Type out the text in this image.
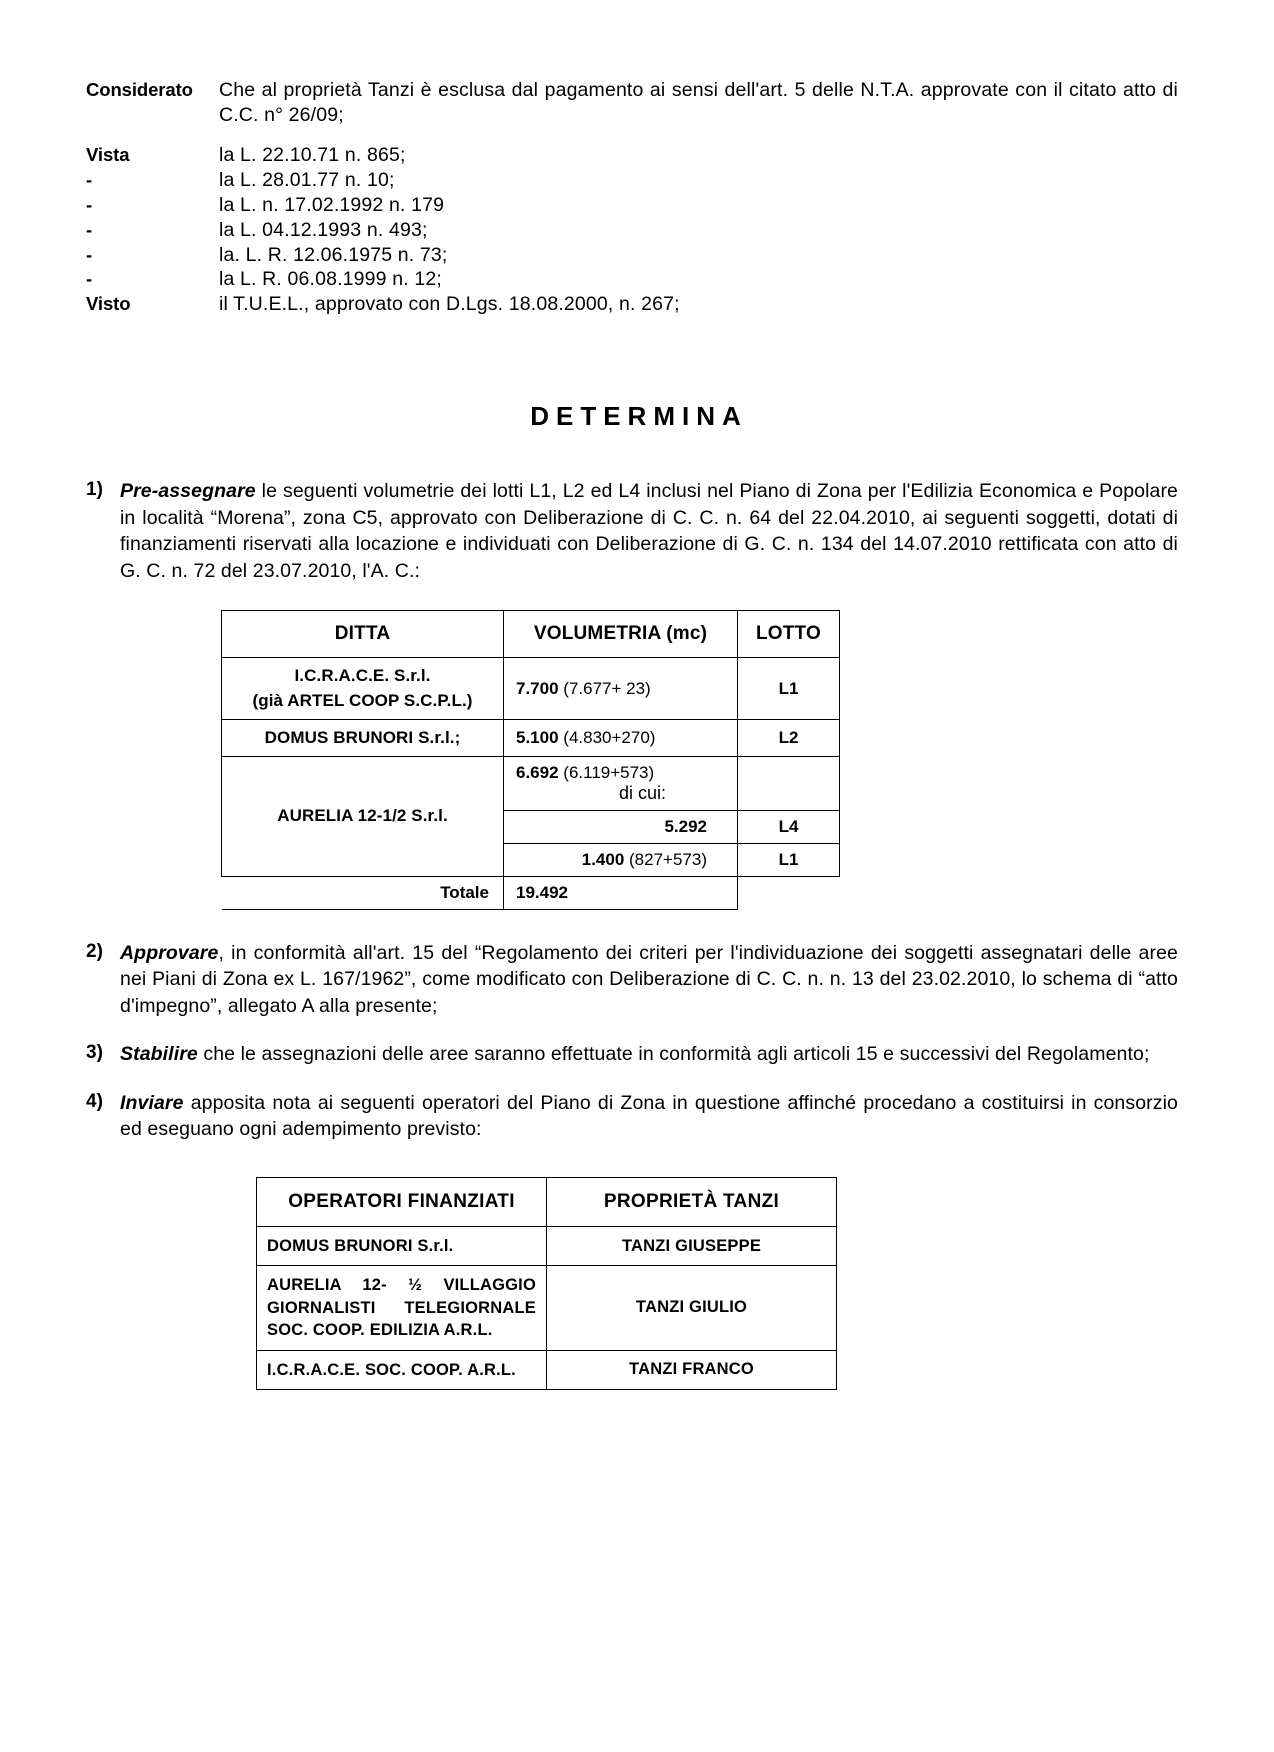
Considerato	Che al proprietà Tanzi è esclusa dal pagamento ai sensi dell'art. 5 delle N.T.A. approvate con il citato atto di C.C. n° 26/09;
Vista	la L. 22.10.71 n. 865;
-	la L. 28.01.77 n. 10;
-	la L. n. 17.02.1992 n. 179
-	la L. 04.12.1993 n. 493;
-	la. L. R. 12.06.1975 n. 73;
-	la L. R. 06.08.1999 n. 12;
Visto	il T.U.E.L., approvato con D.Lgs. 18.08.2000, n. 267;
DETERMINA
1) Pre-assegnare le seguenti volumetrie dei lotti L1, L2 ed L4 inclusi nel Piano di Zona per l'Edilizia Economica e Popolare in località “Morena”, zona C5, approvato con Deliberazione di C. C. n. 64 del 22.04.2010, ai seguenti soggetti, dotati di finanziamenti riservati alla locazione e individuati con Deliberazione di G. C. n. 134 del 14.07.2010 rettificata con atto di G. C. n. 72 del 23.07.2010, l'A. C.:
DITTA	VOLUMETRIA (mc)	LOTTO

I.C.R.A.C.E. S.r.l.
(già ARTEL COOP S.C.P.L.)	7.700 (7.677+ 23)	L1
DOMUS BRUNORI S.r.l.;	5.100 (4.830+270)	L2
AURELIA 12-1/2 S.r.l.	6.692 (6.119+573)
di cui:	

	5.292	L4
	1.400 (827+573)	L1
Totale	19.492	
2) Approvare, in conformità all'art. 15 del “Regolamento dei criteri per l'individuazione dei soggetti assegnatari delle aree nei Piani di Zona ex L. 167/1962”, come modificato con Deliberazione di C. C. n. n. 13 del 23.02.2010, lo schema di “atto d'impegno”, allegato A alla presente;
3) Stabilire che le assegnazioni delle aree saranno effettuate in conformità agli articoli 15 e successivi del Regolamento;
4) Inviare apposita nota ai seguenti operatori del Piano di Zona in questione affinché procedano a costituirsi in consorzio ed eseguano ogni adempimento previsto:
OPERATORI FINANZIATI	PROPRIETÀ TANZI
DOMUS BRUNORI S.r.l.	TANZI GIUSEPPE
AURELIA 12- ½ VILLAGGIO GIORNALISTI TELEGIORNALE SOC. COOP. EDILIZIA A.R.L.	TANZI GIULIO
I.C.R.A.C.E. SOC. COOP. A.R.L.	TANZI FRANCO
